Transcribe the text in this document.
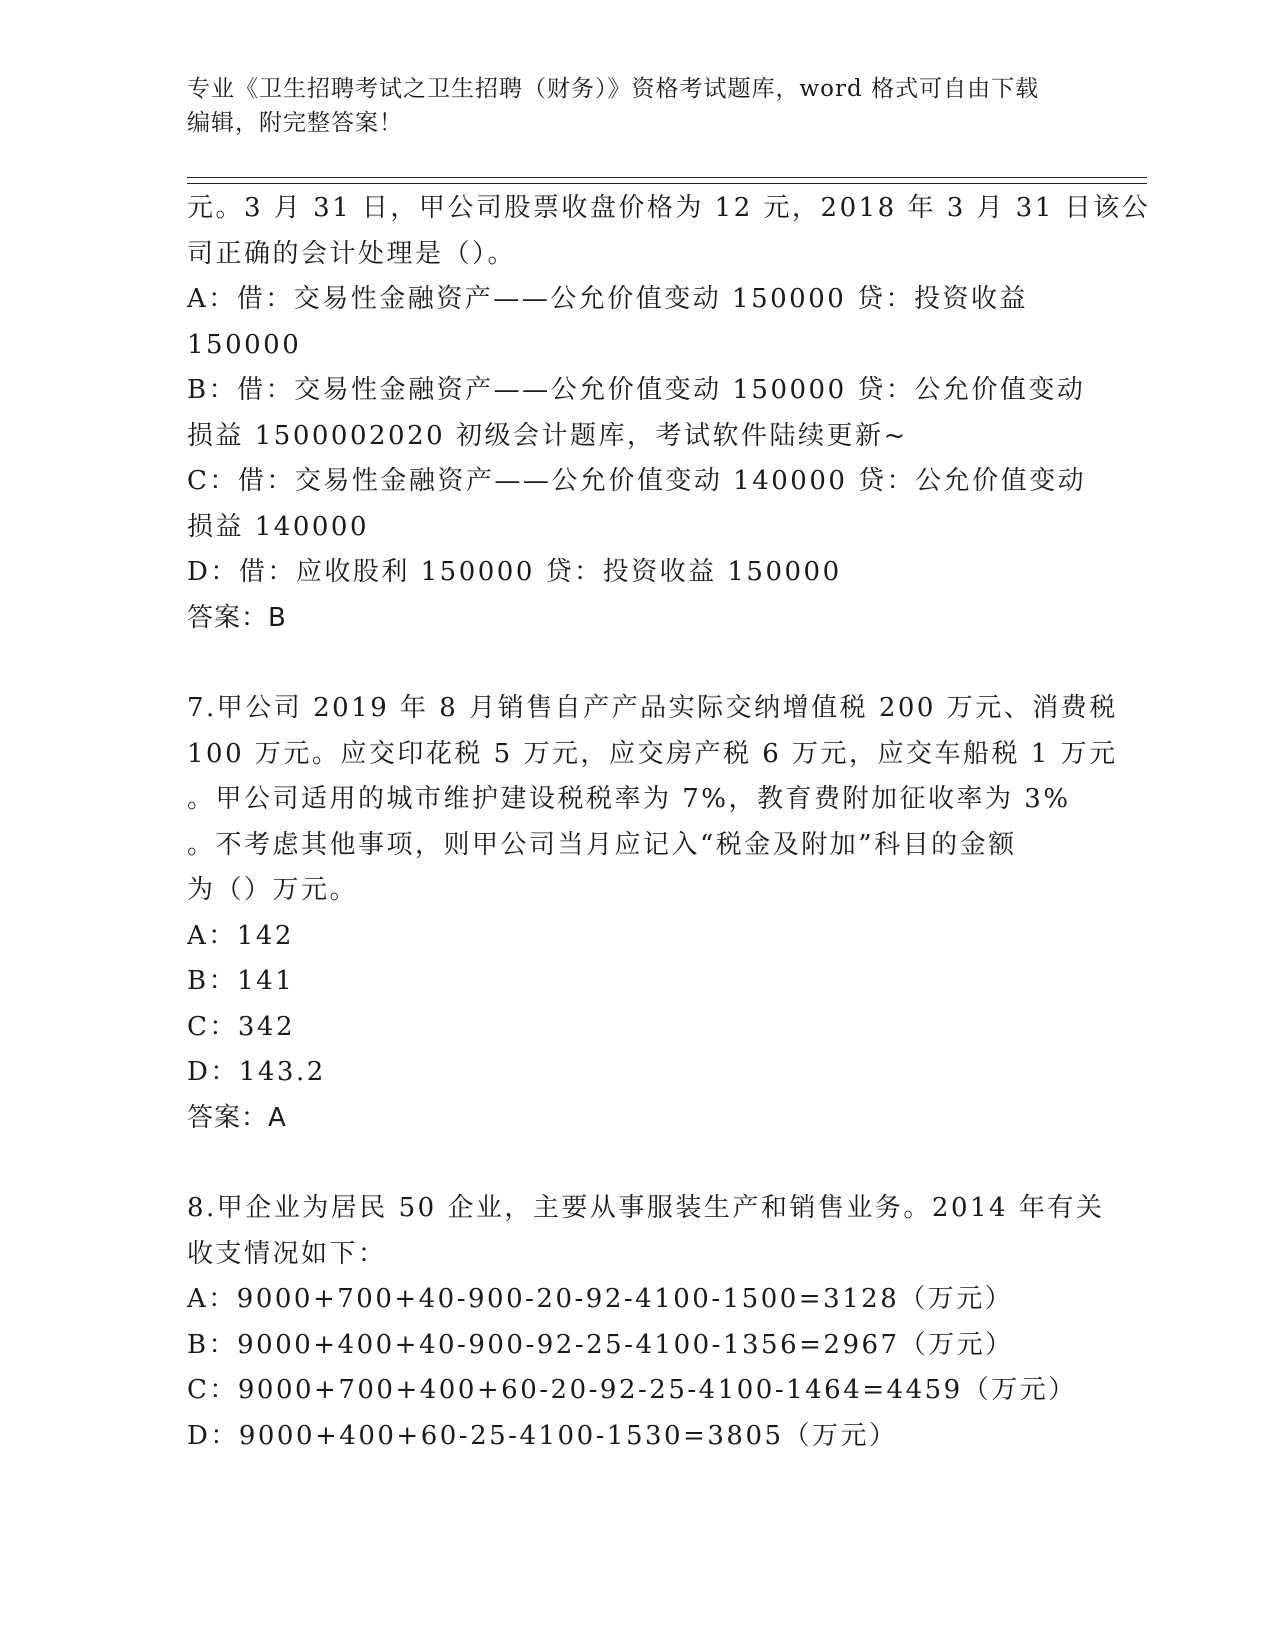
专业《卫生招聘考试之卫生招聘（财务）》资格考试题库，word 格式可自由下载
编辑，附完整答案！
元。3 月 31 日，甲公司股票收盘价格为 12 元，2018 年 3 月 31 日该公
司正确的会计处理是（）。
A：借：交易性金融资产——公允价值变动 150000 贷：投资收益
150000
B：借：交易性金融资产——公允价值变动 150000 贷：公允价值变动
损益 1500002020 初级会计题库，考试软件陆续更新~
C：借：交易性金融资产——公允价值变动 140000 贷：公允价值变动
损益 140000
D：借：应收股利 150000 贷：投资收益 150000
答案：B
7.甲公司 2019 年 8 月销售自产产品实际交纳增值税 200 万元、消费税
100 万元。应交印花税 5 万元，应交房产税 6 万元，应交车船税 1 万元
。甲公司适用的城市维护建设税税率为 7%，教育费附加征收率为 3%
。不考虑其他事项，则甲公司当月应记入“税金及附加”科目的金额
为（）万元。
A：142
B：141
C：342
D：143.2
答案：A
8.甲企业为居民 50 企业，主要从事服装生产和销售业务。2014 年有关
收支情况如下：
A：9000+700+40-900-20-92-4100-1500=3128（万元）
B：9000+400+40-900-92-25-4100-1356=2967（万元）
C：9000+700+400+60-20-92-25-4100-1464=4459（万元）
D：9000+400+60-25-4100-1530=3805（万元）
